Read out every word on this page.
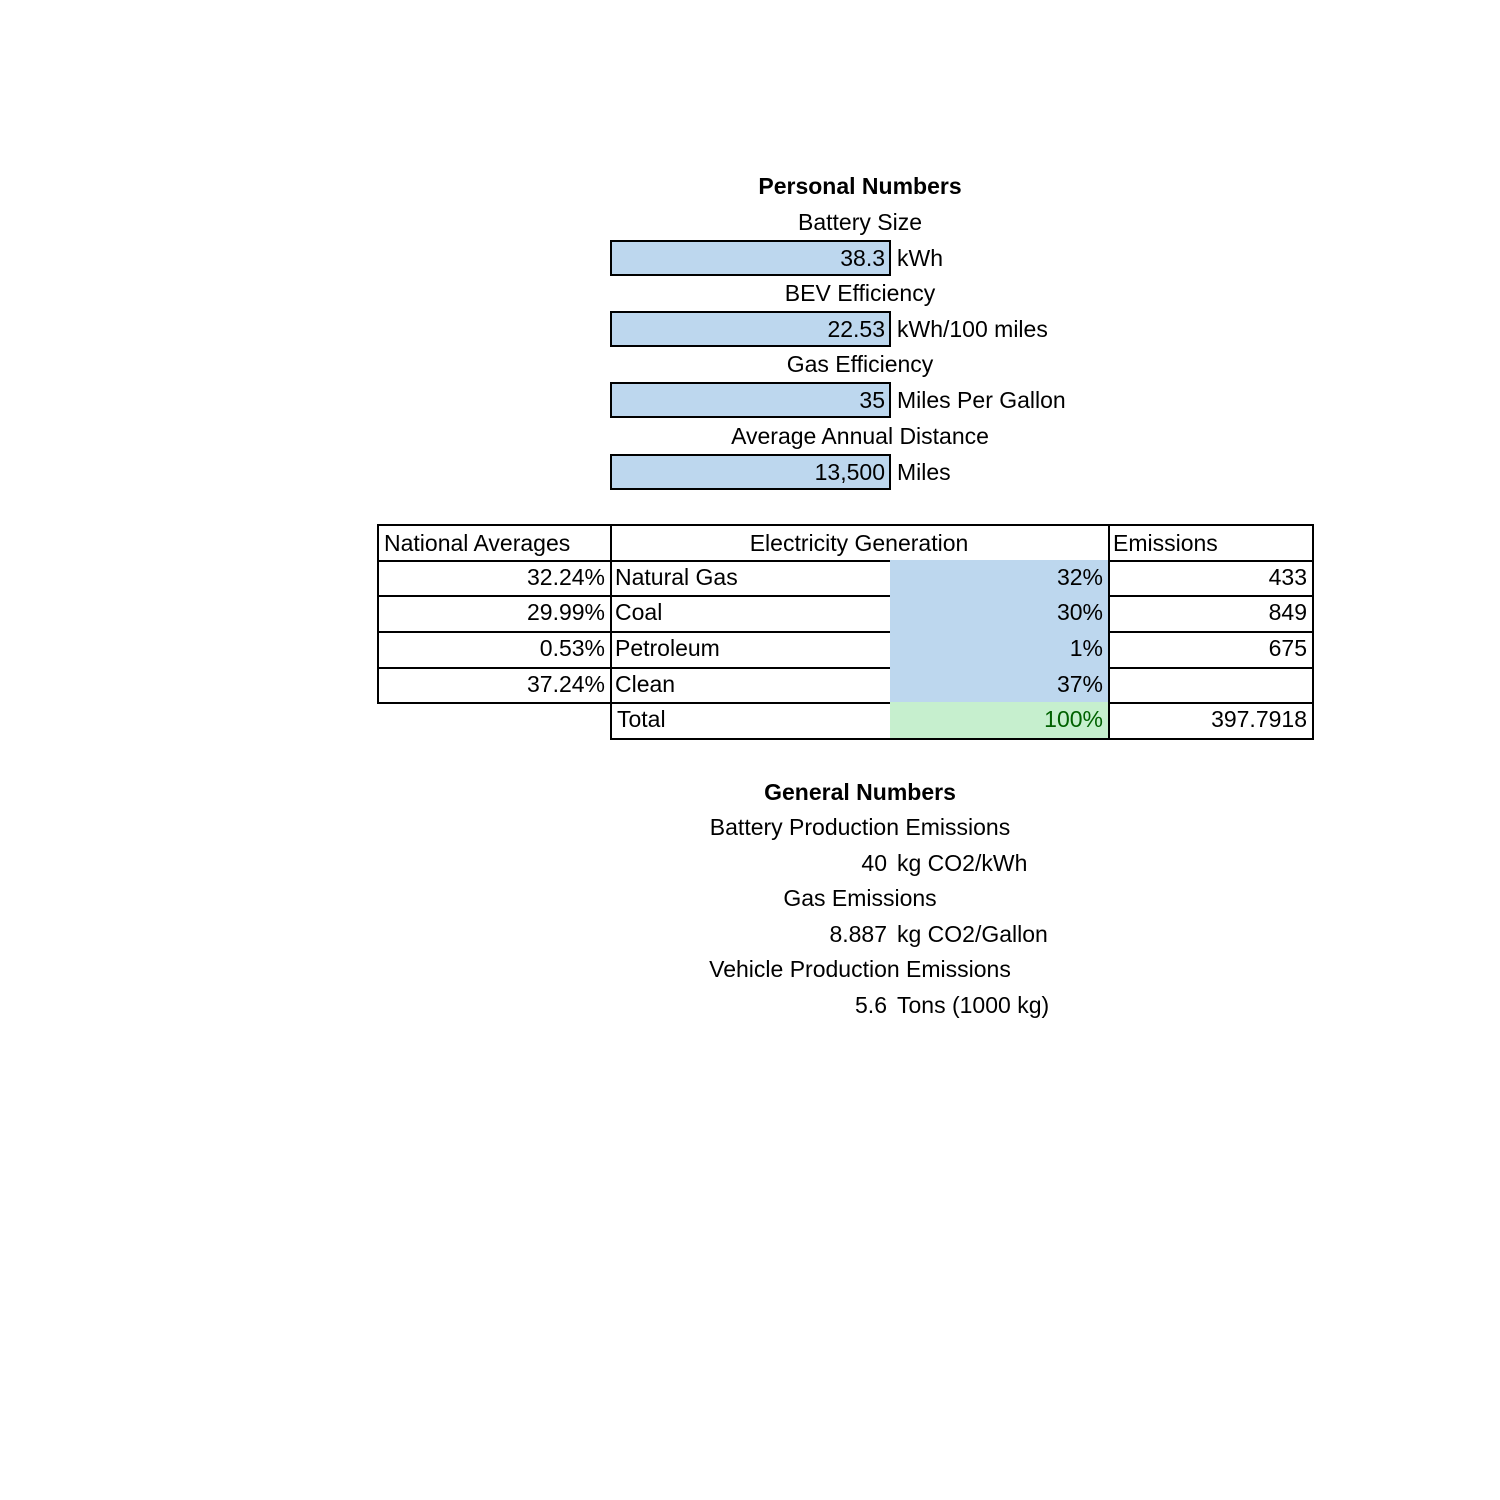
Personal Numbers
Battery Size
38.3 kWh
BEV Efficiency
22.53 kWh/100 miles
Gas Efficiency
35 Miles Per Gallon
Average Annual Distance
13,500 Miles
National Averages	Electricity Generation	Emissions
32.24% Natural Gas	32%	433
29.99% Coal	30%	849
0.53% Petroleum	1%	675
37.24% Clean	37%
Total	100%	397.7918
General Numbers
Battery Production Emissions
40 kg CO2/kWh
Gas Emissions
8.887 kg CO2/Gallon
Vehicle Production Emissions
5.6 Tons (1000 kg)
